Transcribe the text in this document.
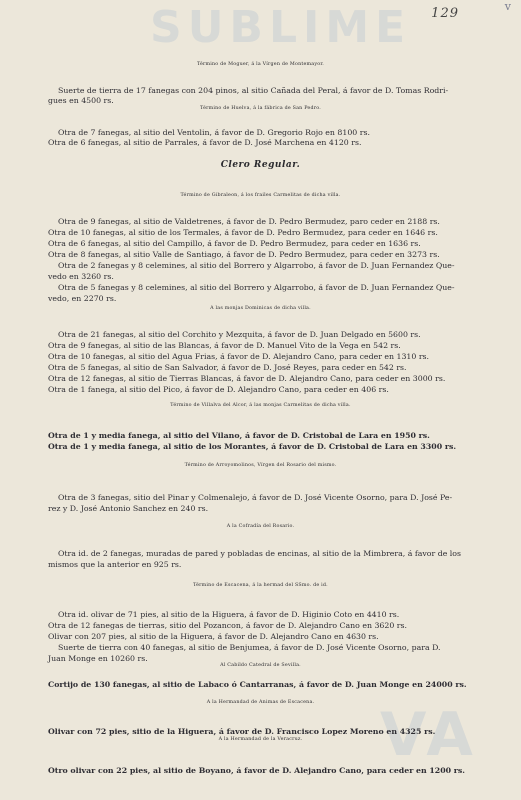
SUBLIME
VA
v
129
Término de Moguer, á la Vírgen de Montemayor.
Suerte de tierra de 17 fanegas con 204 pinos, al sitio Cañada del Peral, á favor de D. Tomas Rodri-
gues en 4500 rs.
Término de Huelva, á la fábrica de San Pedro.
Otra de 7 fanegas, al sitio del Ventolin, á favor de D. Gregorio Rojo en 8100 rs.
Otra de 6 fanegas, al sitio de Parrales, á favor de D. José Marchena en 4120 rs.
Clero Regular.
Término de Gibraleon, á los frailes Carmelitas de dicha villa.
Otra de 9 fanegas, al sitio de Valdetrenes, á favor de D. Pedro Bermudez, paro ceder en 2188 rs.
Otra de 10 fanegas, al sitio de los Termales, á favor de D. Pedro Bermudez, para ceder en 1646 rs.
Otra de 6 fanegas, al sitio del Campillo, á favor de D. Pedro Bermudez, para ceder en 1636 rs.
Otra de 8 fanegas, al sitio Valle de Santiago, á favor de D. Pedro Bermudez, para ceder en 3273 rs.
Otra de 2 fanegas y 8 celemines, al sitio del Borrero y Algarrobo, á favor de D. Juan Fernandez Que-
vedo en 3260 rs.
Otra de 5 fanegas y 8 celemines, al sitio del Borrero y Algarrobo, á favor de D. Juan Fernandez Que-
vedo, en 2270 rs.
A las monjas Dominicas de dicha villa.
Otra de 21 fanegas, al sitio del Corchito y Mezquita, á favor de D. Juan Delgado en 5600 rs.
Otra de 9 fanegas, al sitio de las Blancas, á favor de D. Manuel Vito de la Vega en 542 rs.
Otra de 10 fanegas, al sitio del Agua Frias, á favor de D. Alejandro Cano, para ceder en 1310 rs.
Otra de 5 fanegas, al sitio de San Salvador, á favor de D. José Reyes, para ceder en 542 rs.
Otra de 12 fanegas, al sitio de Tierras Blancas, á favor de D. Alejandro Cano, para ceder en 3000 rs.
Otra de 1 fanega, al sitio del Pico, á favor de D. Alejandro Cano, para ceder en 406 rs.
Término de Villalva del Alcor, á las monjas Carmelitas de dicha villa.
Otra de 1 y media fanega, al sitio del Vilano, á favor de D. Cristobal de Lara en 1950 rs.
Otra de 1 y media fanega, al sitio de los Morantes, á favor de D. Cristobal de Lara en 3300 rs.
Término de Arroyomolinos, Vírgen del Rosario del mismo.
Otra de 3 fanegas, sitio del Pinar y Colmenalejo, á favor de D. José Vicente Osorno, para D. José Pe-
rez y D. José Antonio Sanchez en 240 rs.
A la Cofradía del Rosario.
Otra id. de 2 fanegas, muradas de pared y pobladas de encinas, al sitio de la Mimbrera, á favor de los
mismos que la anterior en 925 rs.
Término de Escacena, á la hermad del SSmo. de id.
Otra id. olivar de 71 pies, al sitio de la Higuera, á favor de D. Higinio Coto en 4410 rs.
Otra de 12 fanegas de tierras, sitio del Pozancon, á favor de D. Alejandro Cano en 3620 rs.
Olivar con 207 pies, al sitio de la Higuera, á favor de D. Alejandro Cano en 4630 rs.
Suerte de tierra con 40 fanegas, al sitio de Benjumea, á favor de D. José Vicente Osorno, para D.
Juan Monge en 10260 rs.
Al Cabildo Catedral de Sevilla.
Cortijo de 130 fanegas, al sitio de Labaco ó Cantarranas, á favor de D. Juan Monge en 24000 rs.
A la Hermandad de Animas de Escacena.
Olivar con 72 pies, sitio de la Higuera, á favor de D. Francisco Lopez Moreno en 4325 rs.
A la Hermandad de la Veracruz.
Otro olivar con 22 pies, al sitio de Boyano, á favor de D. Alejandro Cano, para ceder en 1200 rs.
